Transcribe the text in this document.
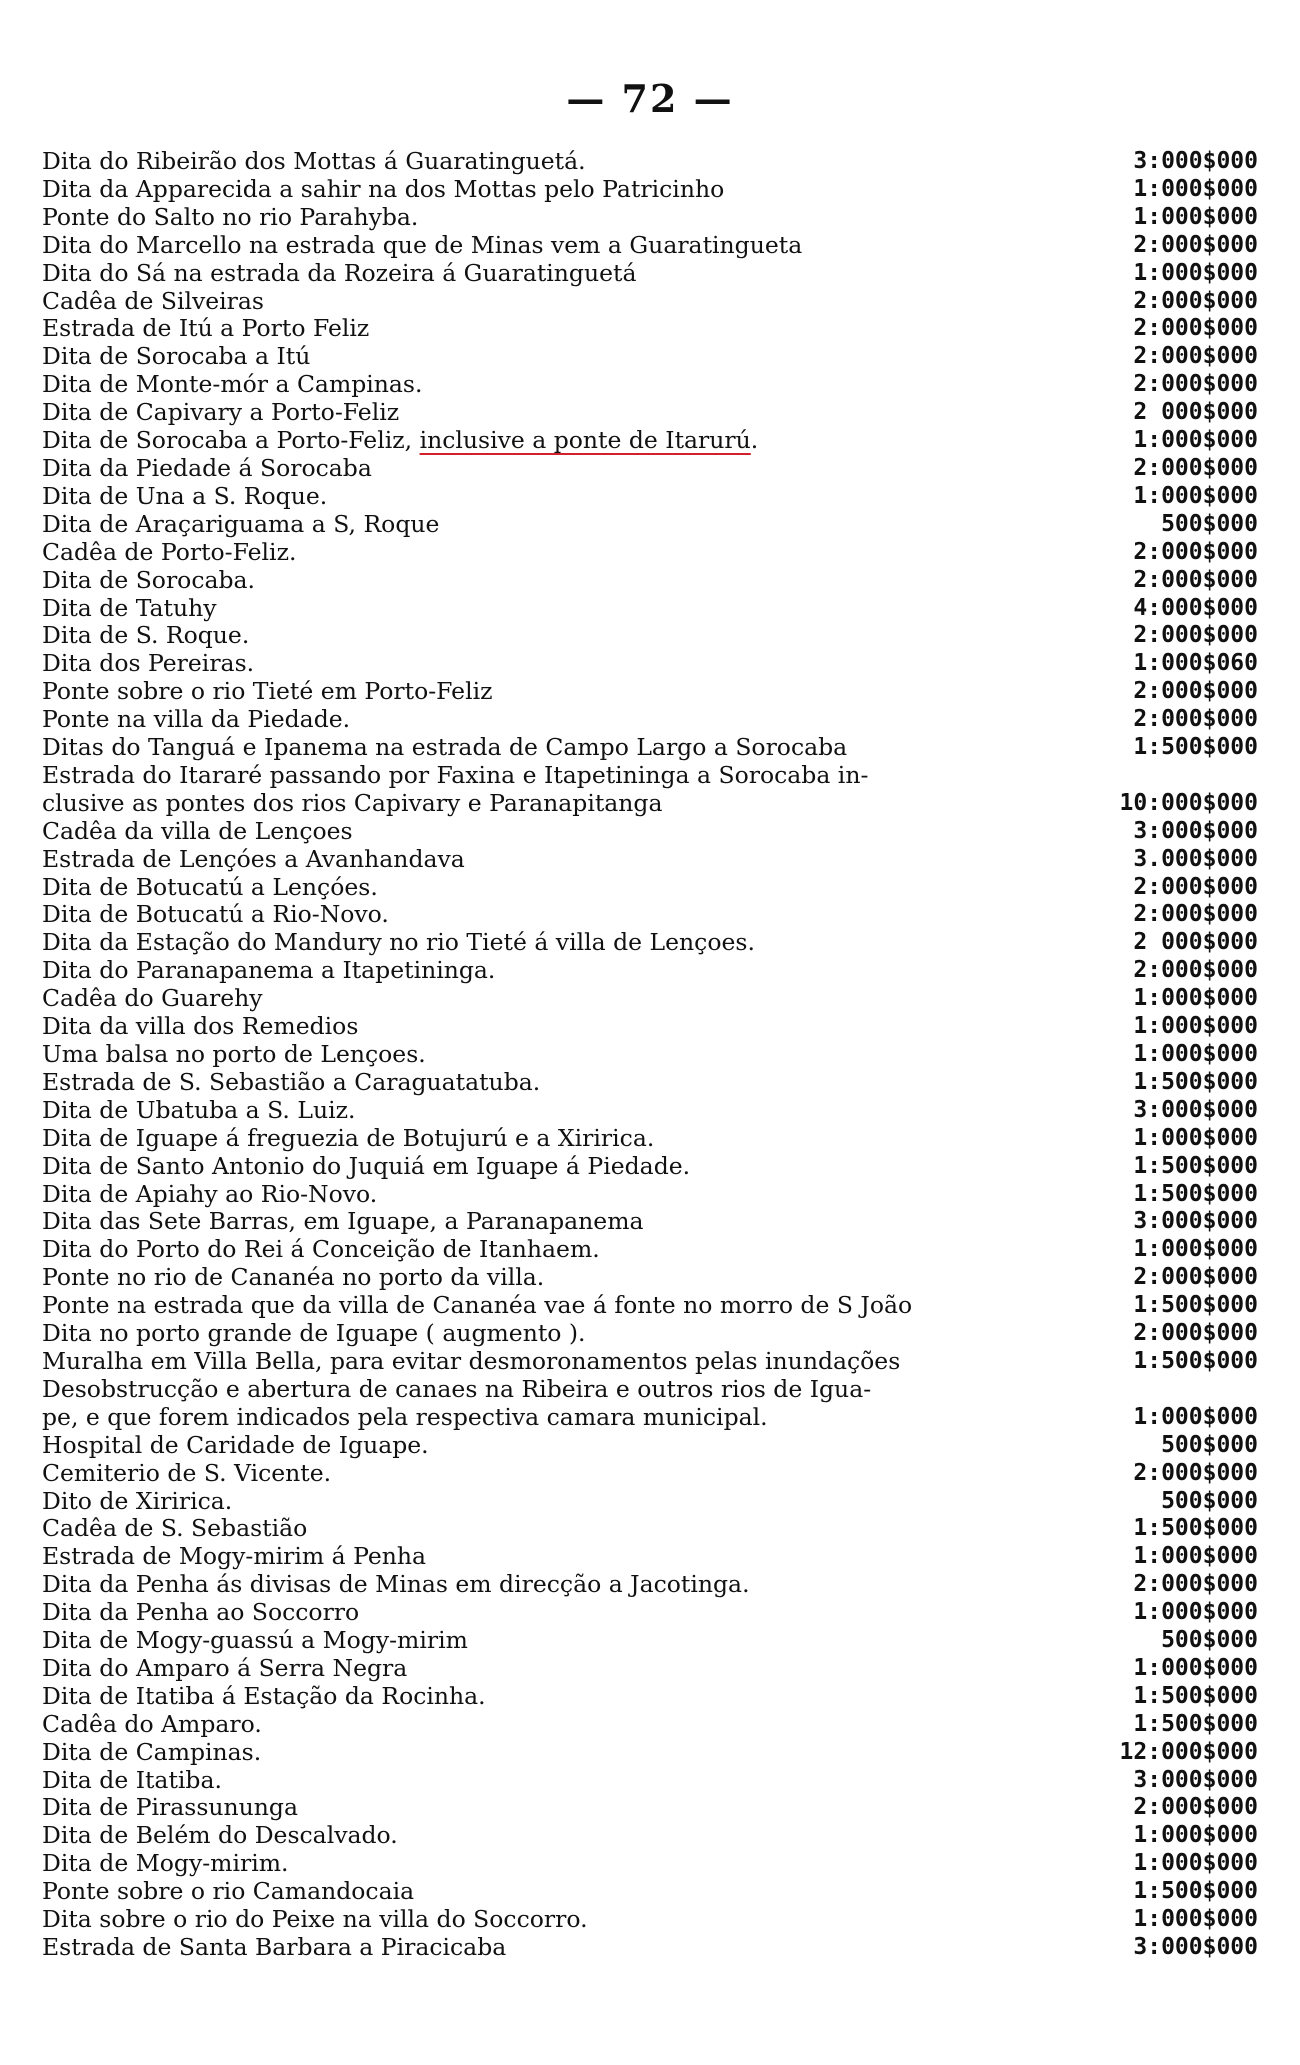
— 72 —
Dita do Ribeirão dos Mottas á Guaratinguetá.	3:000$000
Dita da Apparecida a sahir na dos Mottas pelo Patricinho	1:000$000
Ponte do Salto no rio Parahyba.	1:000$000
Dita do Marcello na estrada que de Minas vem a Guaratingueta	2:000$000
Dita do Sá na estrada da Rozeira á Guaratinguetá	1:000$000
Cadêa de Silveiras	2:000$000
Estrada de Itú a Porto Feliz	2:000$000
Dita de Sorocaba a Itú	2:000$000
Dita de Monte-mór a Campinas.	2:000$000
Dita de Capivary a Porto-Feliz	2 000$000
Dita de Sorocaba a Porto-Feliz, inclusive a ponte de Itarurú.	1:000$000
Dita da Piedade á Sorocaba	2:000$000
Dita de Una a S. Roque.	1:000$000
Dita de Araçariguama a S, Roque	500$000
Cadêa de Porto-Feliz.	2:000$000
Dita de Sorocaba.	2:000$000
Dita de Tatuhy	4:000$000
Dita de S. Roque.	2:000$000
Dita dos Pereiras.	1:000$060
Ponte sobre o rio Tieté em Porto-Feliz	2:000$000
Ponte na villa da Piedade.	2:000$000
Ditas do Tanguá e Ipanema na estrada de Campo Largo a Sorocaba	1:500$000
Estrada do Itararé passando por Faxina e Itapetininga a Sorocaba in-
clusive as pontes dos rios Capivary e Paranapitanga	10:000$000
Cadêa da villa de Lençoes	3:000$000
Estrada de Lençóes a Avanhandava	3.000$000
Dita de Botucatú a Lençóes.	2:000$000
Dita de Botucatú a Rio-Novo.	2:000$000
Dita da Estação do Mandury no rio Tieté á villa de Lençoes.	2 000$000
Dita do Paranapanema a Itapetininga.	2:000$000
Cadêa do Guarehy	1:000$000
Dita da villa dos Remedios	1:000$000
Uma balsa no porto de Lençoes.	1:000$000
Estrada de S. Sebastião a Caraguatatuba.	1:500$000
Dita de Ubatuba a S. Luiz.	3:000$000
Dita de Iguape á freguezia de Botujurú e a Xiririca.	1:000$000
Dita de Santo Antonio do Juquiá em Iguape á Piedade.	1:500$000
Dita de Apiahy ao Rio-Novo.	1:500$000
Dita das Sete Barras, em Iguape, a Paranapanema	3:000$000
Dita do Porto do Rei á Conceição de Itanhaem.	1:000$000
Ponte no rio de Cananéa no porto da villa.	2:000$000
Ponte na estrada que da villa de Cananéa vae á fonte no morro de S João	1:500$000
Dita no porto grande de Iguape ( augmento ).	2:000$000
Muralha em Villa Bella, para evitar desmoronamentos pelas inundações	1:500$000
Desobstrucção e abertura de canaes na Ribeira e outros rios de Igua-
pe, e que forem indicados pela respectiva camara municipal.	1:000$000
Hospital de Caridade de Iguape.	500$000
Cemiterio de S. Vicente.	2:000$000
Dito de Xiririca.	500$000
Cadêa de S. Sebastião	1:500$000
Estrada de Mogy-mirim á Penha	1:000$000
Dita da Penha ás divisas de Minas em direcção a Jacotinga.	2:000$000
Dita da Penha ao Soccorro	1:000$000
Dita de Mogy-guassú a Mogy-mirim	500$000
Dita do Amparo á Serra Negra	1:000$000
Dita de Itatiba á Estação da Rocinha.	1:500$000
Cadêa do Amparo.	1:500$000
Dita de Campinas.	12:000$000
Dita de Itatiba.	3:000$000
Dita de Pirassununga	2:000$000
Dita de Belém do Descalvado.	1:000$000
Dita de Mogy-mirim.	1:000$000
Ponte sobre o rio Camandocaia	1:500$000
Dita sobre o rio do Peixe na villa do Soccorro.	1:000$000
Estrada de Santa Barbara a Piracicaba	3:000$000
